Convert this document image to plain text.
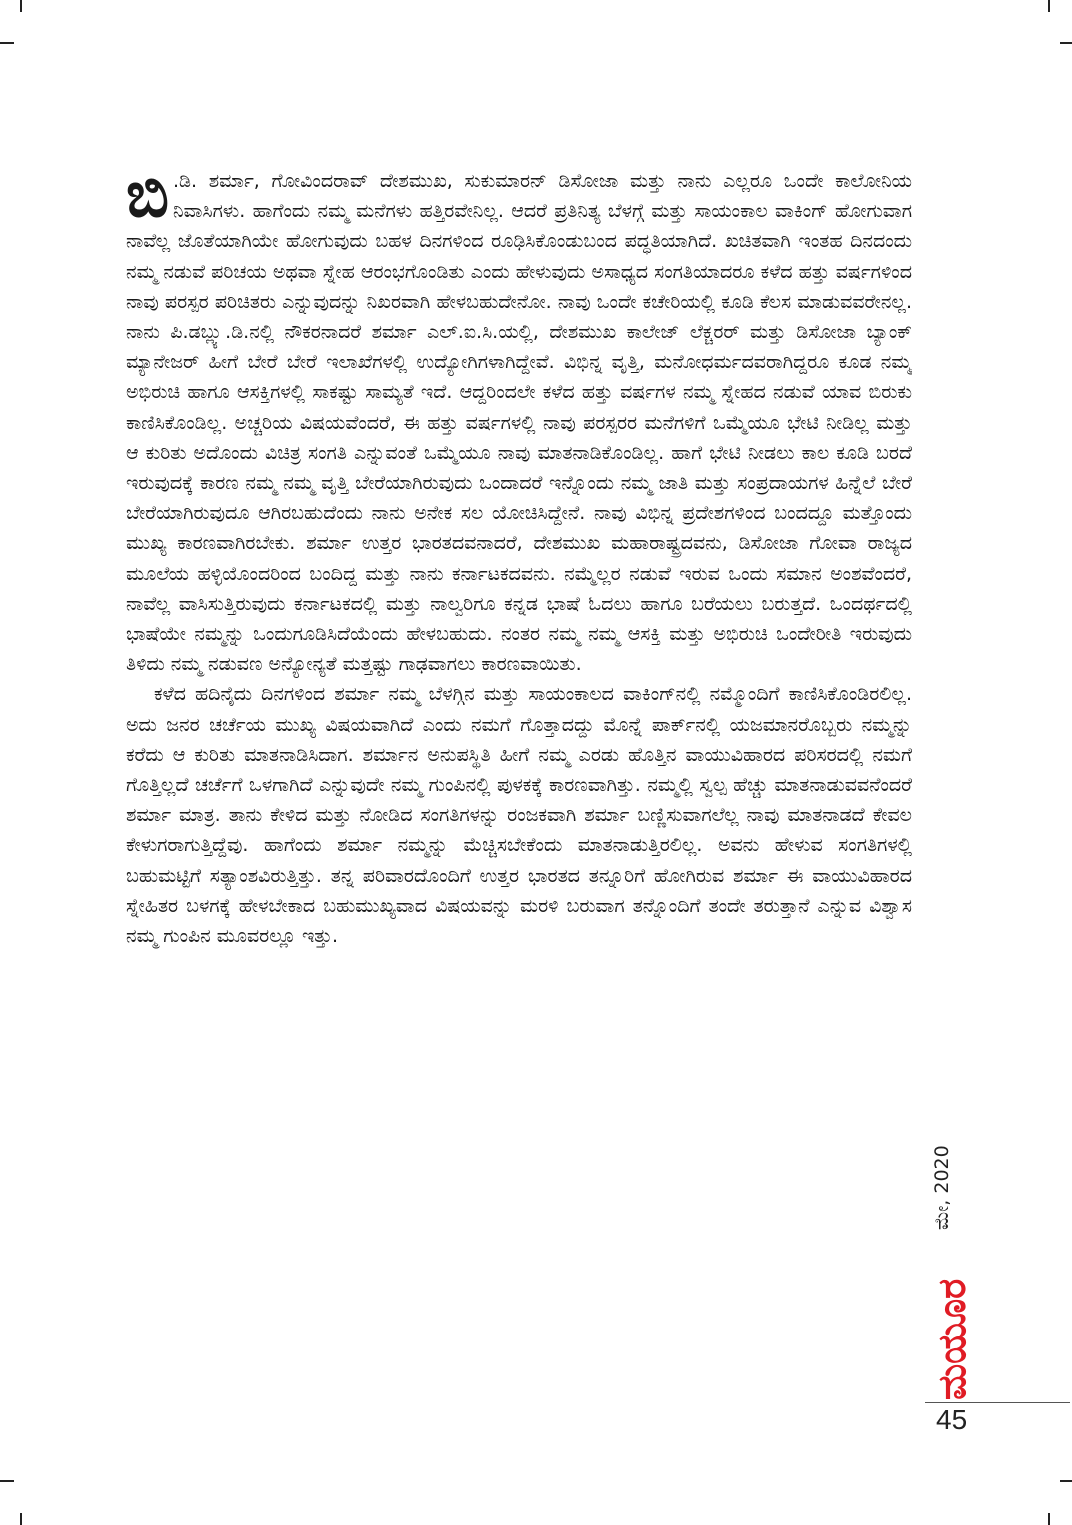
ಬಿ .ಡಿ. ಶರ್ಮಾ, ಗೋವಿಂದರಾವ್ ದೇಶಮುಖ, ಸುಕುಮಾರನ್ ಡಿಸೋಜಾ ಮತ್ತು ನಾನು ಎಲ್ಲರೂ ಒಂದೇ ಕಾಲೋನಿಯ ನಿವಾಸಿಗಳು. ಹಾಗೆಂದು ನಮ್ಮ ಮನೆಗಳು ಹತ್ತಿರವೇನಿಲ್ಲ. ಆದರೆ ಪ್ರತಿನಿತ್ಯ ಬೆಳಗ್ಗೆ ಮತ್ತು ಸಾಯಂಕಾಲ ವಾಕಿಂಗ್ ಹೋಗುವಾಗ ನಾವೆಲ್ಲ ಜೊತೆಯಾಗಿಯೇ ಹೋಗುವುದು ಬಹಳ ದಿನಗಳಿಂದ ರೂಢಿಸಿಕೊಂಡುಬಂದ ಪದ್ಧತಿಯಾಗಿದೆ. ಖಚಿತವಾಗಿ ಇಂತಹ ದಿನದಂದು ನಮ್ಮ ನಡುವೆ ಪರಿಚಯ ಅಥವಾ ಸ್ನೇಹ ಆರಂಭಗೊಂಡಿತು ಎಂದು ಹೇಳುವುದು ಅಸಾಧ್ಯದ ಸಂಗತಿಯಾದರೂ ಕಳೆದ ಹತ್ತು ವರ್ಷಗಳಿಂದ ನಾವು ಪರಸ್ಪರ ಪರಿಚಿತರು ಎನ್ನುವುದನ್ನು ನಿಖರವಾಗಿ ಹೇಳಬಹುದೇನೋ. ನಾವು ಒಂದೇ ಕಚೇರಿಯಲ್ಲಿ ಕೂಡಿ ಕೆಲಸ ಮಾಡುವವರೇನಲ್ಲ. ನಾನು ಪಿ.ಡಬ್ಲ್ಯು.ಡಿ.ನಲ್ಲಿ ನೌಕರನಾದರೆ ಶರ್ಮಾ ಎಲ್.ಐ.ಸಿ.ಯಲ್ಲಿ, ದೇಶಮುಖ ಕಾಲೇಜ್ ಲೆಕ್ಚರರ್ ಮತ್ತು ಡಿಸೋಜಾ ಬ್ಯಾಂಕ್ ಮ್ಯಾನೇಜರ್ ಹೀಗೆ ಬೇರೆ ಬೇರೆ ಇಲಾಖೆಗಳಲ್ಲಿ ಉದ್ಯೋಗಿಗಳಾಗಿದ್ದೇವೆ. ವಿಭಿನ್ನ ವೃತ್ತಿ, ಮನೋಧರ್ಮದವರಾಗಿದ್ದರೂ ಕೂಡ ನಮ್ಮ ಅಭಿರುಚಿ ಹಾಗೂ ಆಸಕ್ತಿಗಳಲ್ಲಿ ಸಾಕಷ್ಟು ಸಾಮ್ಯತೆ ಇದೆ. ಆದ್ದರಿಂದಲೇ ಕಳೆದ ಹತ್ತು ವರ್ಷಗಳ ನಮ್ಮ ಸ್ನೇಹದ ನಡುವೆ ಯಾವ ಬಿರುಕು ಕಾಣಿಸಿಕೊಂಡಿಲ್ಲ. ಅಚ್ಚರಿಯ ವಿಷಯವೆಂದರೆ, ಈ ಹತ್ತು ವರ್ಷಗಳಲ್ಲಿ ನಾವು ಪರಸ್ಪರರ ಮನೆಗಳಿಗೆ ಒಮ್ಮೆಯೂ ಭೇಟಿ ನೀಡಿಲ್ಲ ಮತ್ತು ಆ ಕುರಿತು ಅದೊಂದು ವಿಚಿತ್ರ ಸಂಗತಿ ಎನ್ನುವಂತೆ ಒಮ್ಮೆಯೂ ನಾವು ಮಾತನಾಡಿಕೊಂಡಿಲ್ಲ. ಹಾಗೆ ಭೇಟಿ ನೀಡಲು ಕಾಲ ಕೂಡಿ ಬರದೆ ಇರುವುದಕ್ಕೆ ಕಾರಣ ನಮ್ಮ ನಮ್ಮ ವೃತ್ತಿ ಬೇರೆಯಾಗಿರುವುದು ಒಂದಾದರೆ ಇನ್ನೊಂದು ನಮ್ಮ ಜಾತಿ ಮತ್ತು ಸಂಪ್ರದಾಯಗಳ ಹಿನ್ನೆಲೆ ಬೇರೆ ಬೇರೆಯಾಗಿರುವುದೂ ಆಗಿರಬಹುದೆಂದು ನಾನು ಅನೇಕ ಸಲ ಯೋಚಿಸಿದ್ದೇನೆ. ನಾವು ವಿಭಿನ್ನ ಪ್ರದೇಶಗಳಿಂದ ಬಂದದ್ದೂ ಮತ್ತೊಂದು ಮುಖ್ಯ ಕಾರಣವಾಗಿರಬೇಕು. ಶರ್ಮಾ ಉತ್ತರ ಭಾರತದವನಾದರೆ, ದೇಶಮುಖ ಮಹಾರಾಷ್ಟ್ರದವನು, ಡಿಸೋಜಾ ಗೋವಾ ರಾಜ್ಯದ ಮೂಲೆಯ ಹಳ್ಳಿಯೊಂದರಿಂದ ಬಂದಿದ್ದ ಮತ್ತು ನಾನು ಕರ್ನಾಟಕದವನು. ನಮ್ಮೆಲ್ಲರ ನಡುವೆ ಇರುವ ಒಂದು ಸಮಾನ ಅಂಶವೆಂದರೆ, ನಾವೆಲ್ಲ ವಾಸಿಸುತ್ತಿರುವುದು ಕರ್ನಾಟಕದಲ್ಲಿ ಮತ್ತು ನಾಲ್ವರಿಗೂ ಕನ್ನಡ ಭಾಷೆ ಓದಲು ಹಾಗೂ ಬರೆಯಲು ಬರುತ್ತದೆ. ಒಂದರ್ಥದಲ್ಲಿ ಭಾಷೆಯೇ ನಮ್ಮನ್ನು ಒಂದುಗೂಡಿಸಿದೆಯೆಂದು ಹೇಳಬಹುದು. ನಂತರ ನಮ್ಮ ನಮ್ಮ ಆಸಕ್ತಿ ಮತ್ತು ಅಭಿರುಚಿ ಒಂದೇರೀತಿ ಇರುವುದು ತಿಳಿದು ನಮ್ಮ ನಡುವಣ ಅನ್ಯೋನ್ಯತೆ ಮತ್ತಷ್ಟು ಗಾಢವಾಗಲು ಕಾರಣವಾಯಿತು.

ಕಳೆದ ಹದಿನೈದು ದಿನಗಳಿಂದ ಶರ್ಮಾ ನಮ್ಮ ಬೆಳಗ್ಗಿನ ಮತ್ತು ಸಾಯಂಕಾಲದ ವಾಕಿಂಗ್‌ನಲ್ಲಿ ನಮ್ಮೊಂದಿಗೆ ಕಾಣಿಸಿಕೊಂಡಿರಲಿಲ್ಲ. ಅದು ಜನರ ಚರ್ಚೆಯ ಮುಖ್ಯ ವಿಷಯವಾಗಿದೆ ಎಂದು ನಮಗೆ ಗೊತ್ತಾದದ್ದು ಮೊನ್ನೆ ಪಾರ್ಕ್‌ನಲ್ಲಿ ಯಜಮಾನರೊಬ್ಬರು ನಮ್ಮನ್ನು ಕರೆದು ಆ ಕುರಿತು ಮಾತನಾಡಿಸಿದಾಗ. ಶರ್ಮಾನ ಅನುಪಸ್ಥಿತಿ ಹೀಗೆ ನಮ್ಮ ಎರಡು ಹೊತ್ತಿನ ವಾಯುವಿಹಾರದ ಪರಿಸರದಲ್ಲಿ ನಮಗೆ ಗೊತ್ತಿಲ್ಲದೆ ಚರ್ಚೆಗೆ ಒಳಗಾಗಿದೆ ಎನ್ನುವುದೇ ನಮ್ಮ ಗುಂಪಿನಲ್ಲಿ ಪುಳಕಕ್ಕೆ ಕಾರಣವಾಗಿತ್ತು. ನಮ್ಮಲ್ಲಿ ಸ್ವಲ್ಪ ಹೆಚ್ಚು ಮಾತನಾಡುವವನೆಂದರೆ ಶರ್ಮಾ ಮಾತ್ರ. ತಾನು ಕೇಳಿದ ಮತ್ತು ನೋಡಿದ ಸಂಗತಿಗಳನ್ನು ರಂಜಕವಾಗಿ ಶರ್ಮಾ ಬಣ್ಣಿಸುವಾಗಲೆಲ್ಲ ನಾವು ಮಾತನಾಡದೆ ಕೇವಲ ಕೇಳುಗರಾಗುತ್ತಿದ್ದೆವು. ಹಾಗೆಂದು ಶರ್ಮಾ ನಮ್ಮನ್ನು ಮೆಚ್ಚಿಸಬೇಕೆಂದು ಮಾತನಾಡುತ್ತಿರಲಿಲ್ಲ. ಅವನು ಹೇಳುವ ಸಂಗತಿಗಳಲ್ಲಿ ಬಹುಮಟ್ಟಿಗೆ ಸತ್ಯಾಂಶವಿರುತ್ತಿತ್ತು. ತನ್ನ ಪರಿವಾರದೊಂದಿಗೆ ಉತ್ತರ ಭಾರತದ ತನ್ನೂರಿಗೆ ಹೋಗಿರುವ ಶರ್ಮಾ ಈ ವಾಯುವಿಹಾರದ ಸ್ನೇಹಿತರ ಬಳಗಕ್ಕೆ ಹೇಳಬೇಕಾದ ಬಹುಮುಖ್ಯವಾದ ವಿಷಯವನ್ನು ಮರಳಿ ಬರುವಾಗ ತನ್ನೊಂದಿಗೆ ತಂದೇ ತರುತ್ತಾನೆ ಎನ್ನುವ ವಿಶ್ವಾಸ ನಮ್ಮ ಗುಂಪಿನ ಮೂವರಲ್ಲೂ ಇತ್ತು.

ಮೇ, 2020
ಮಯೂರ
45
